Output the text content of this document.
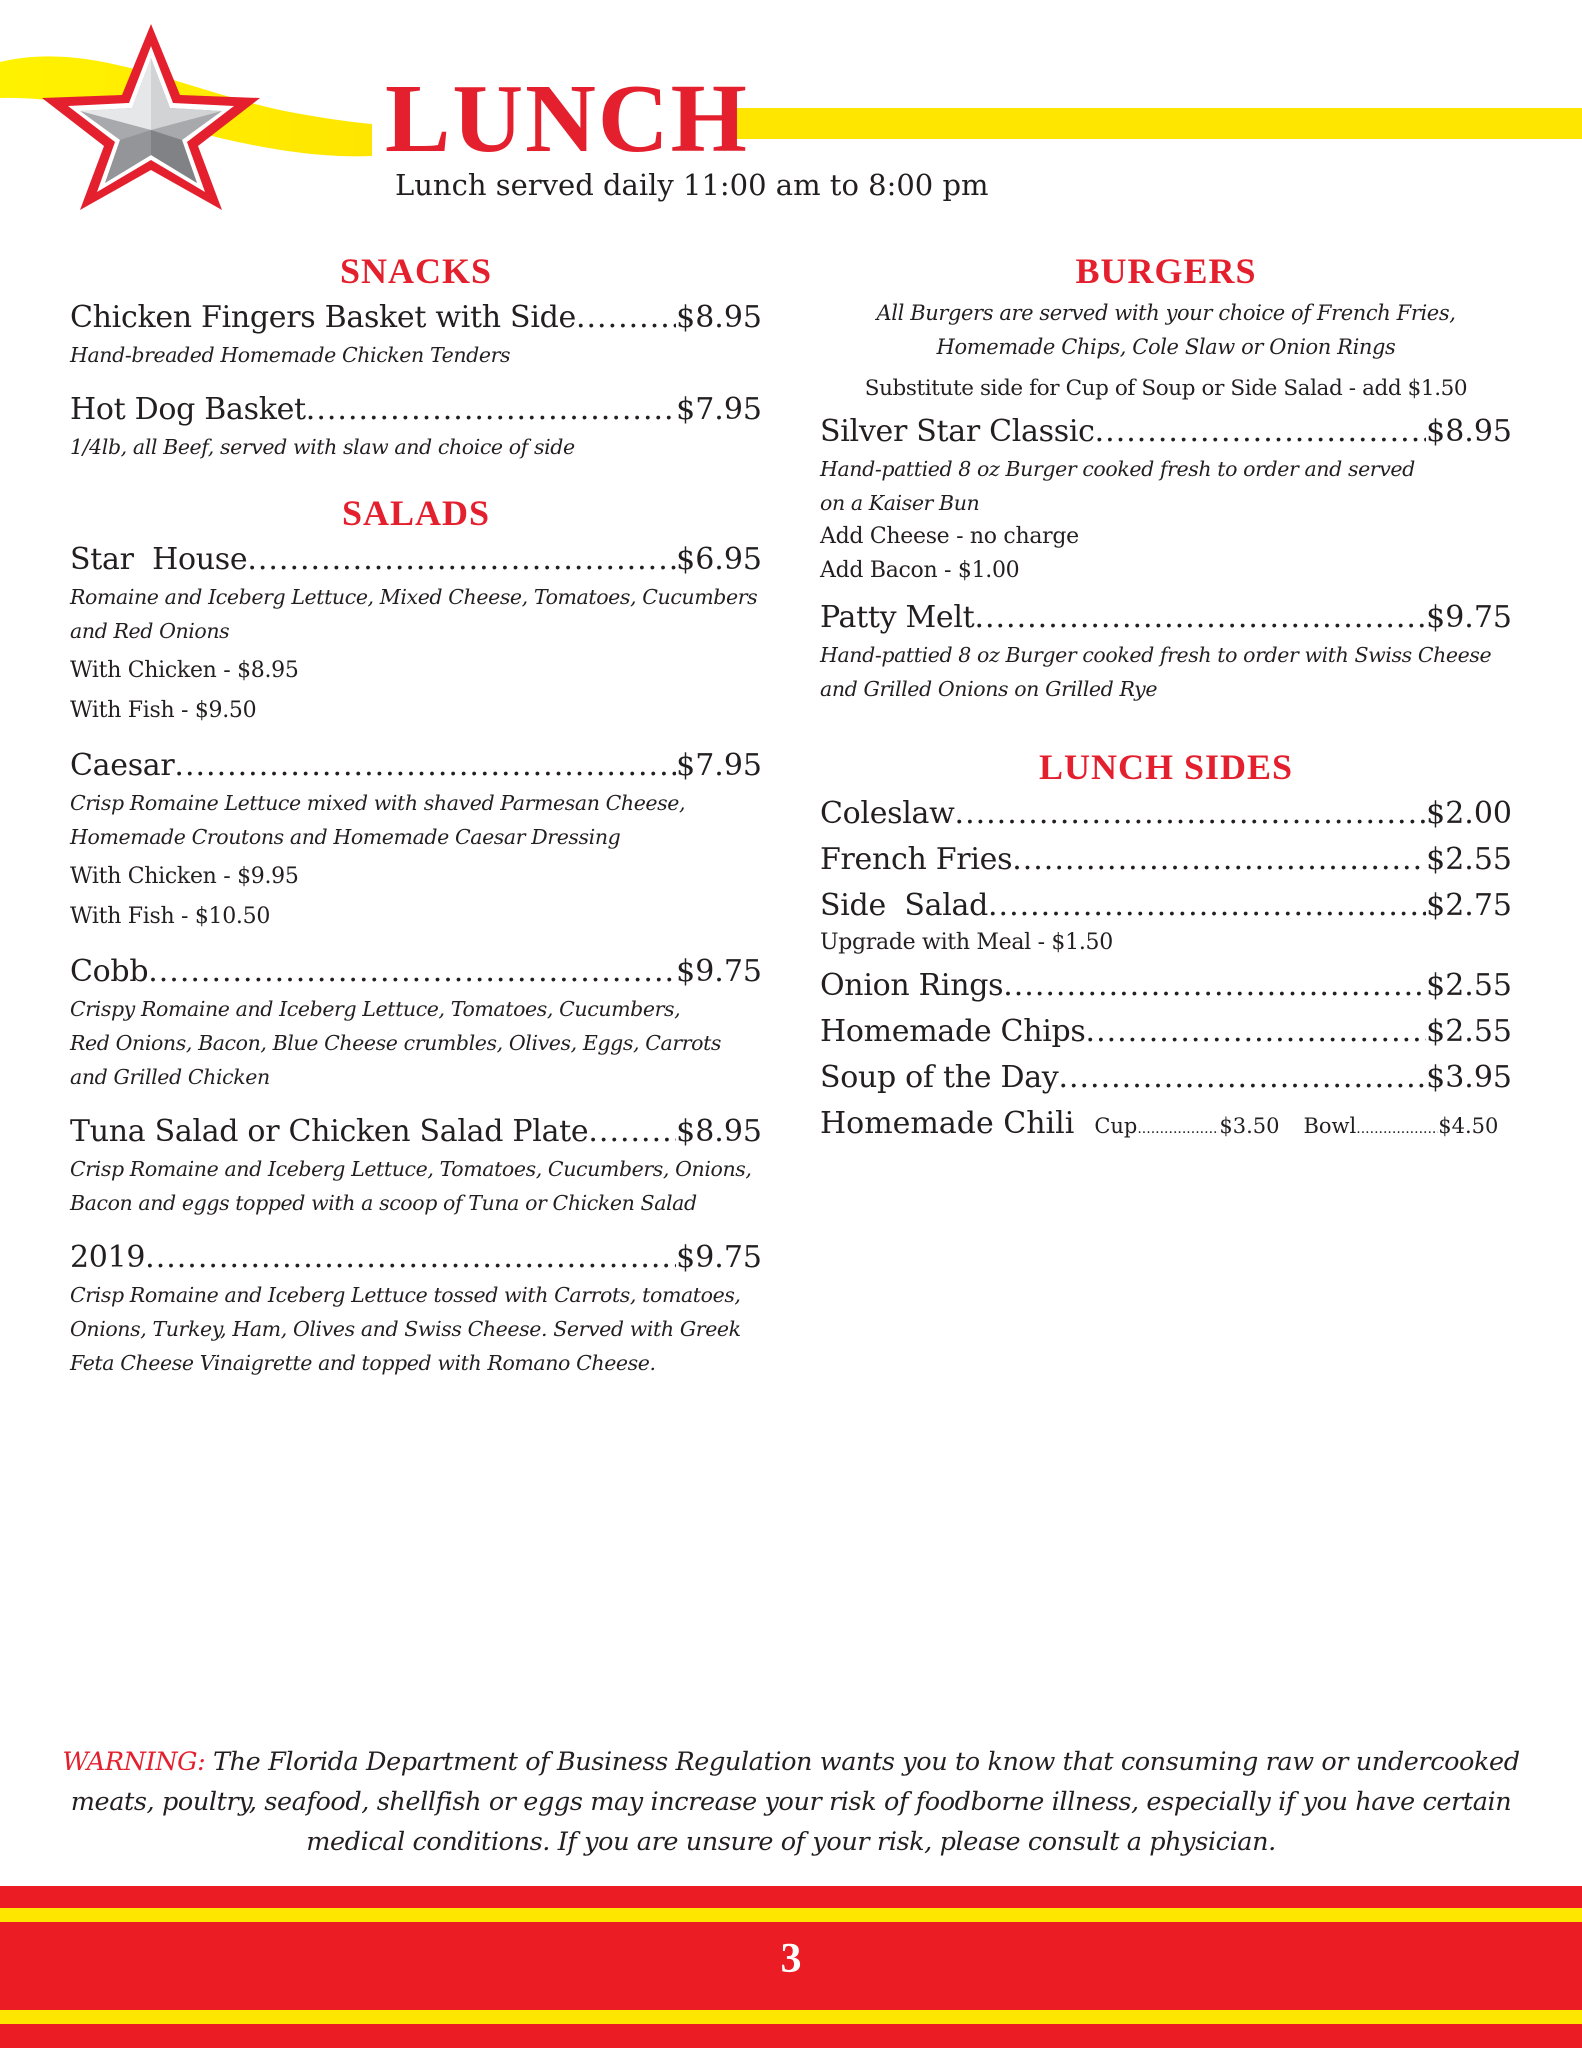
LUNCH

Lunch served daily 11:00 am to 8:00 pm

SNACKS
Chicken Fingers Basket with Side .....	$8.95

Hand-breaded Homemade Chicken Tenders

Hot Dog Basket .....	$7.95

1/4lb, all Beef, served with slaw and choice of side

SALADS
Star  House .....	$6.95

Romaine and Iceberg Lettuce, Mixed Cheese, Tomatoes, Cucumbers

and Red Onions

With Chicken - $8.95

With Fish - $9.50

Caesar .....	$7.95

Crisp Romaine Lettuce mixed with shaved Parmesan Cheese,

Homemade Croutons and Homemade Caesar Dressing

With Chicken - $9.95

With Fish - $10.50

Cobb .....	$9.75

Crispy Romaine and Iceberg Lettuce, Tomatoes, Cucumbers,

Red Onions, Bacon, Blue Cheese crumbles, Olives, Eggs, Carrots

and Grilled Chicken

Tuna Salad or Chicken Salad Plate .....	$8.95

Crisp Romaine and Iceberg Lettuce, Tomatoes, Cucumbers, Onions,

Bacon and eggs topped with a scoop of Tuna or Chicken Salad

2019 .....	$9.75

Crisp Romaine and Iceberg Lettuce tossed with Carrots, tomatoes,

Onions, Turkey, Ham, Olives and Swiss Cheese. Served with Greek

Feta Cheese Vinaigrette and topped with Romano Cheese.

BURGERS

All Burgers are served with your choice of French Fries,

Homemade Chips, Cole Slaw or Onion Rings

Substitute side for Cup of Soup or Side Salad - add $1.50

Silver Star Classic .....	$8.95

Hand-pattied 8 oz Burger cooked fresh to order and served

on a Kaiser Bun

Add Cheese - no charge

Add Bacon - $1.00

Patty Melt .....	$9.75

Hand-pattied 8 oz Burger cooked fresh to order with Swiss Cheese

and Grilled Onions on Grilled Rye

LUNCH SIDES
Coleslaw .....	$2.00
French Fries .....	$2.55
Side  Salad .....	$2.75

Upgrade with Meal - $1.50

Onion Rings .....	$2.55
Homemade Chips .....	$2.55
Soup of the Day .....	$3.95
Homemade Chili Cup .....	$3.50 Bowl .....	$4.50

WARNING: The Florida Department of Business Regulation wants you to know that consuming raw or undercooked meats, poultry, seafood, shellfish or eggs may increase your risk of foodborne illness, especially if you have certain medical conditions. If you are unsure of your risk, please consult a physician.

3
